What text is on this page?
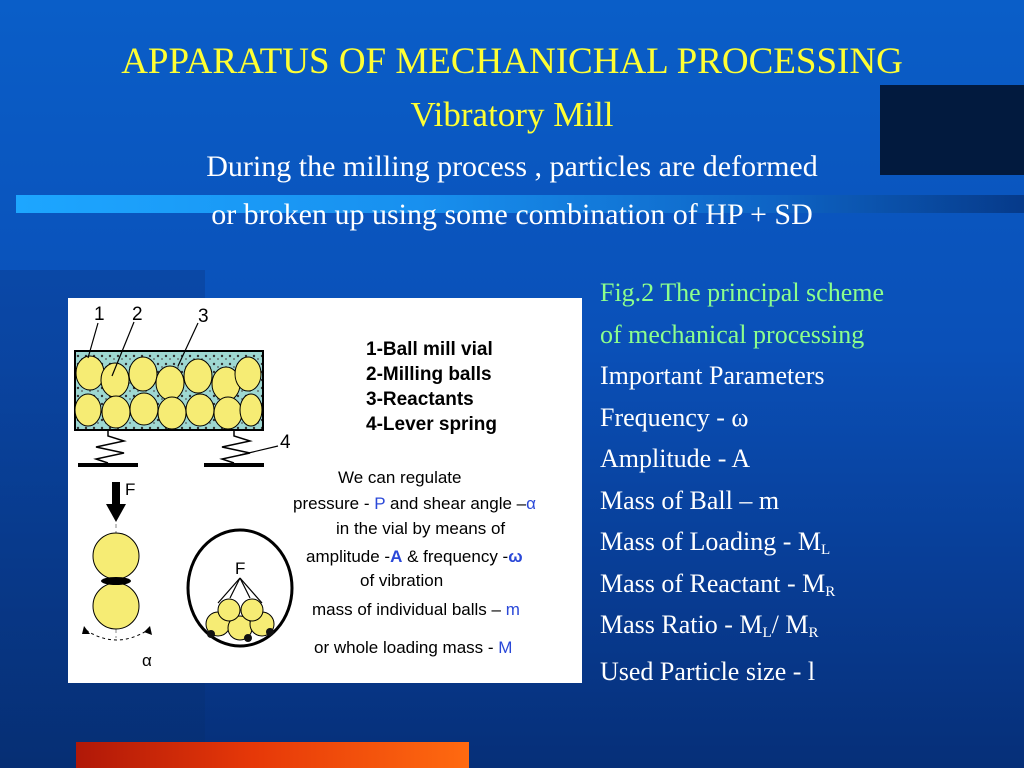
APPARATUS OF MECHANICHAL PROCESSING
Vibratory Mill
During the milling process , particles are deformed
or broken up using some combination of HP + SD
1 2	3
4
1-Ball mill vial
2-Milling balls
3-Reactants
4-Lever spring
F
α
F
We can regulate
pressure - P and shear angle –α
in the vial by means of
amplitude -A & frequency -ω
of vibration
mass of individual balls – m
or whole loading mass - M
Fig.2 The principal scheme
of mechanical processing
Important Parameters
Frequency - ω
Amplitude - A
Mass of Ball – m
Mass of Loading - $M_L$
Mass of Reactant - $M_R$
Mass Ratio - $M_L/$ $M_R$
Used Particle size - l
